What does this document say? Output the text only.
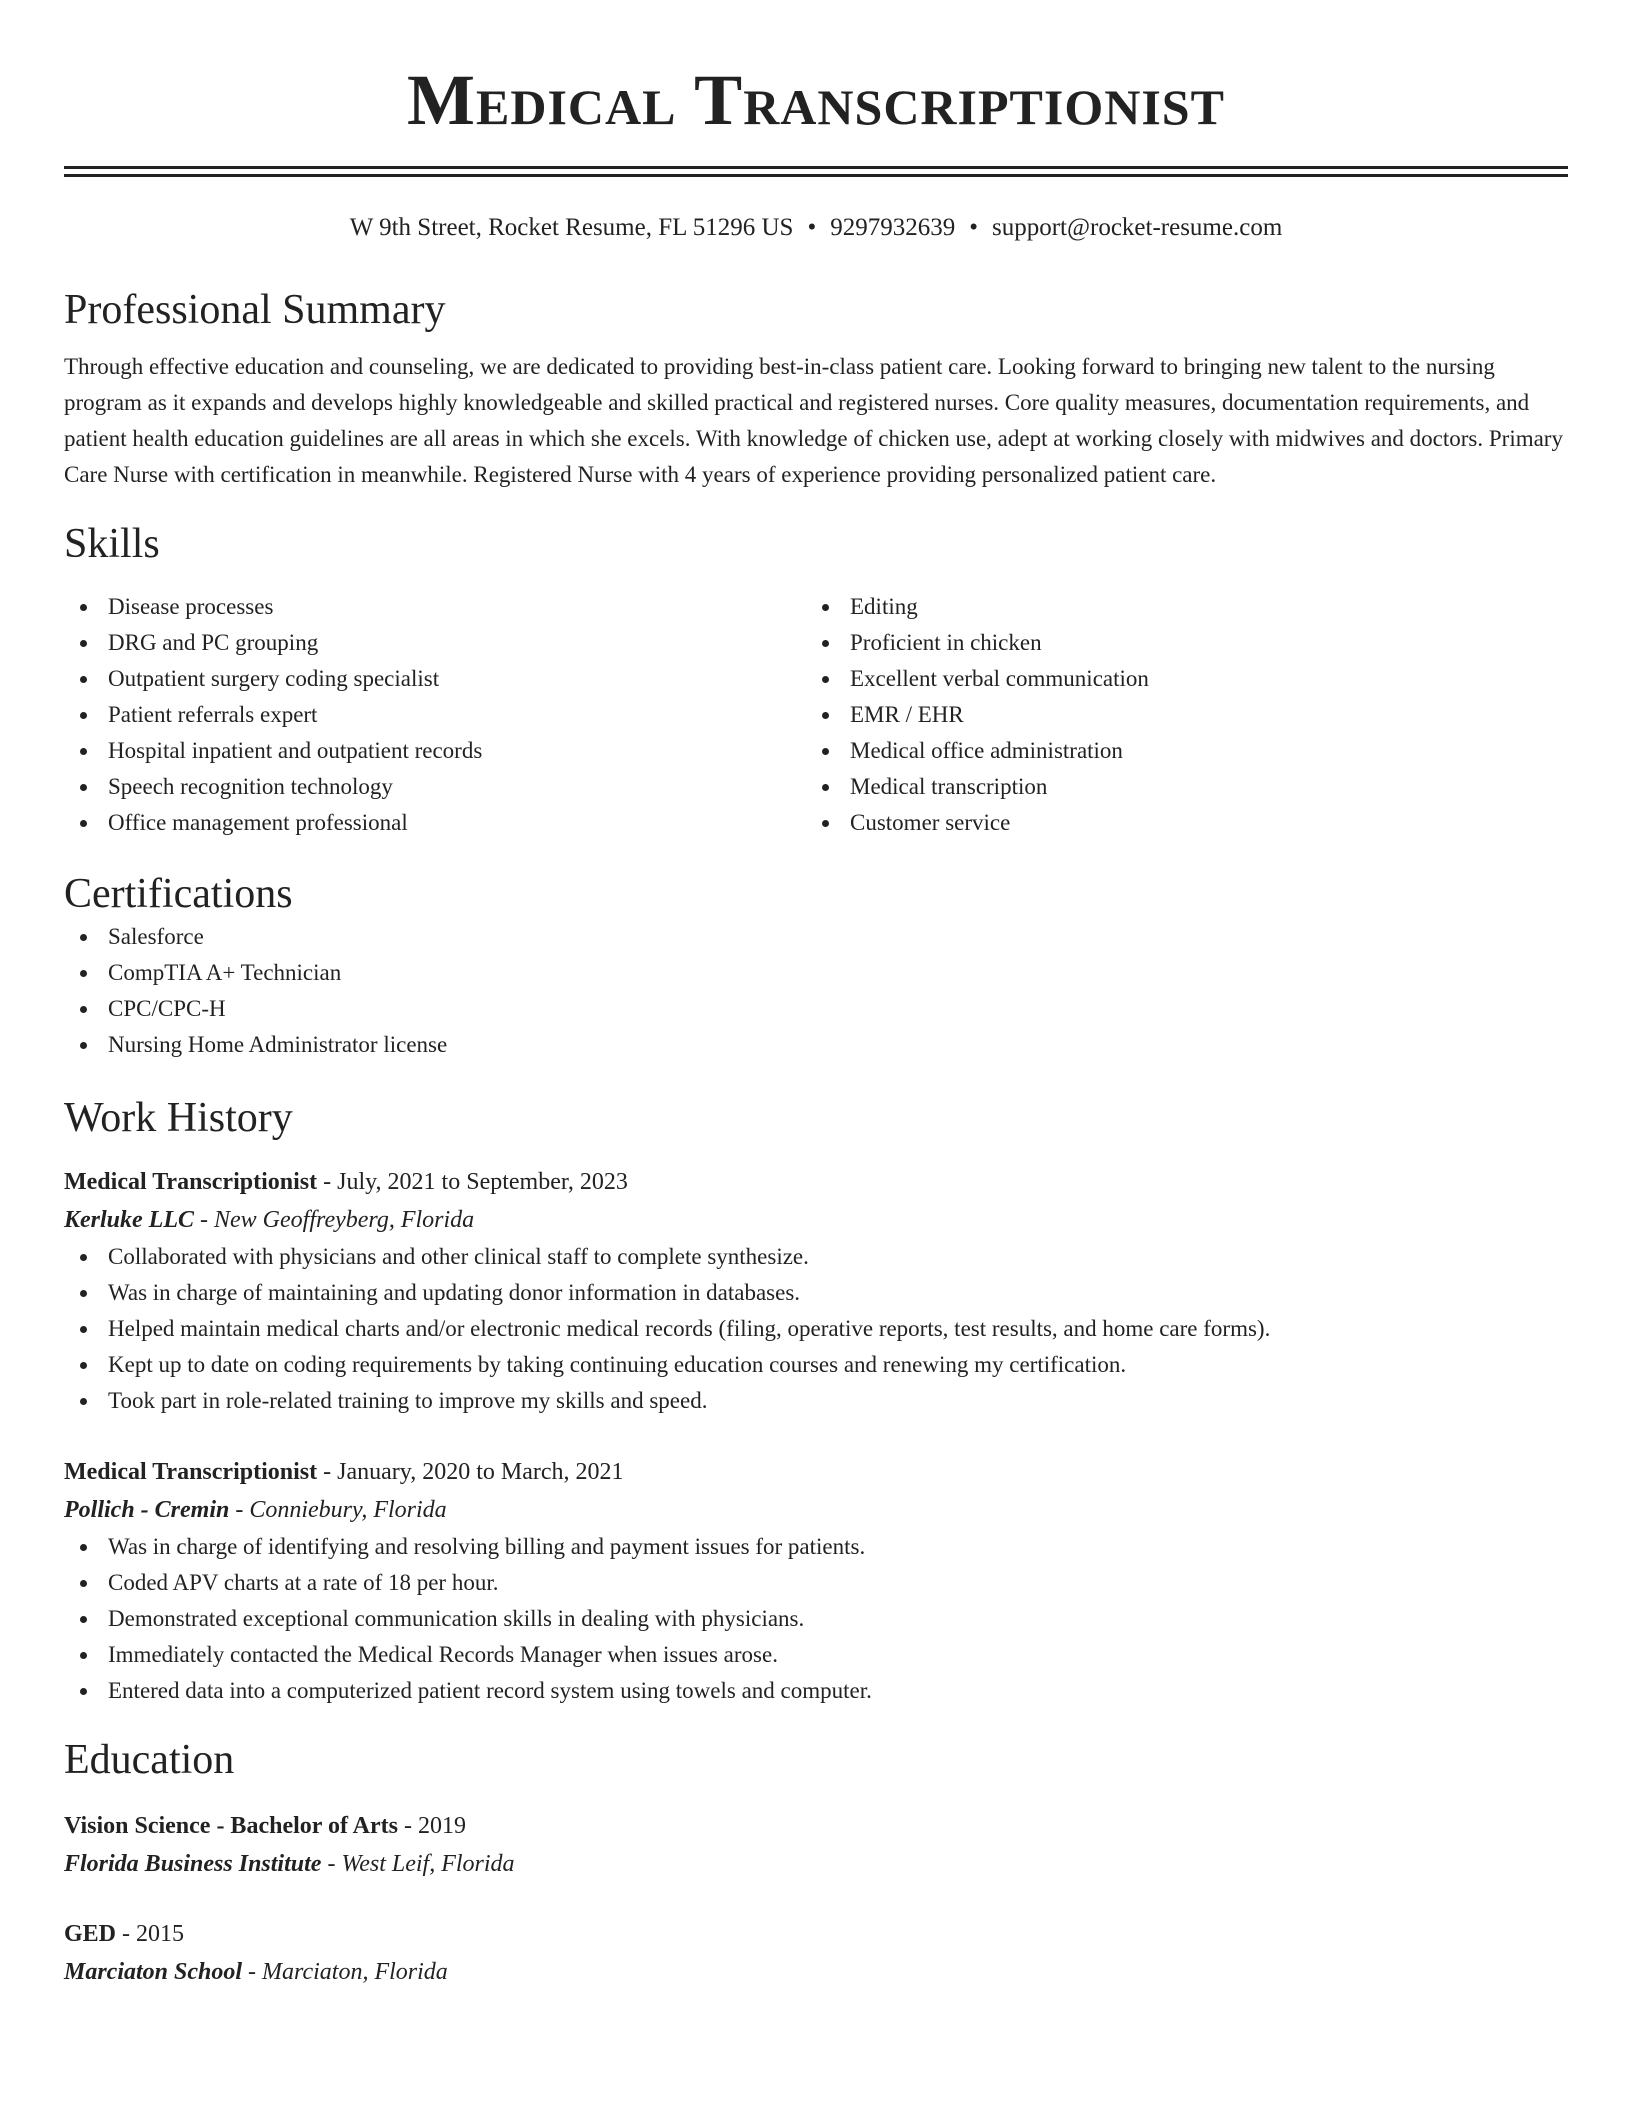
Medical Transcriptionist
W 9th Street, Rocket Resume, FL 51296 US • 9297932639 • support@rocket-resume.com
Professional Summary

Through effective education and counseling, we are dedicated to providing best-in-class patient care. Looking forward to bringing new talent to the nursing program as it expands and develops highly knowledgeable and skilled practical and registered nurses. Core quality measures, documentation requirements, and patient health education guidelines are all areas in which she excels. With knowledge of chicken use, adept at working closely with midwives and doctors. Primary Care Nurse with certification in meanwhile. Registered Nurse with 4 years of experience providing personalized patient care.

Skills
Disease processes
DRG and PC grouping
Outpatient surgery coding specialist
Patient referrals expert
Hospital inpatient and outpatient records
Speech recognition technology
Office management professional
Editing
Proficient in chicken
Excellent verbal communication
EMR / EHR
Medical office administration
Medical transcription
Customer service
Certifications
Salesforce
CompTIA A+ Technician
CPC/CPC-H
Nursing Home Administrator license
Work History
Medical Transcriptionist - July, 2021 to September, 2023
Kerluke LLC - New Geoffreyberg, Florida
Collaborated with physicians and other clinical staff to complete synthesize.
Was in charge of maintaining and updating donor information in databases.
Helped maintain medical charts and/or electronic medical records (filing, operative reports, test results, and home care forms).
Kept up to date on coding requirements by taking continuing education courses and renewing my certification.
Took part in role-related training to improve my skills and speed.
Medical Transcriptionist - January, 2020 to March, 2021
Pollich - Cremin - Conniebury, Florida
Was in charge of identifying and resolving billing and payment issues for patients.
Coded APV charts at a rate of 18 per hour.
Demonstrated exceptional communication skills in dealing with physicians.
Immediately contacted the Medical Records Manager when issues arose.
Entered data into a computerized patient record system using towels and computer.
Education
Vision Science - Bachelor of Arts - 2019
Florida Business Institute - West Leif, Florida
GED - 2015
Marciaton School - Marciaton, Florida
